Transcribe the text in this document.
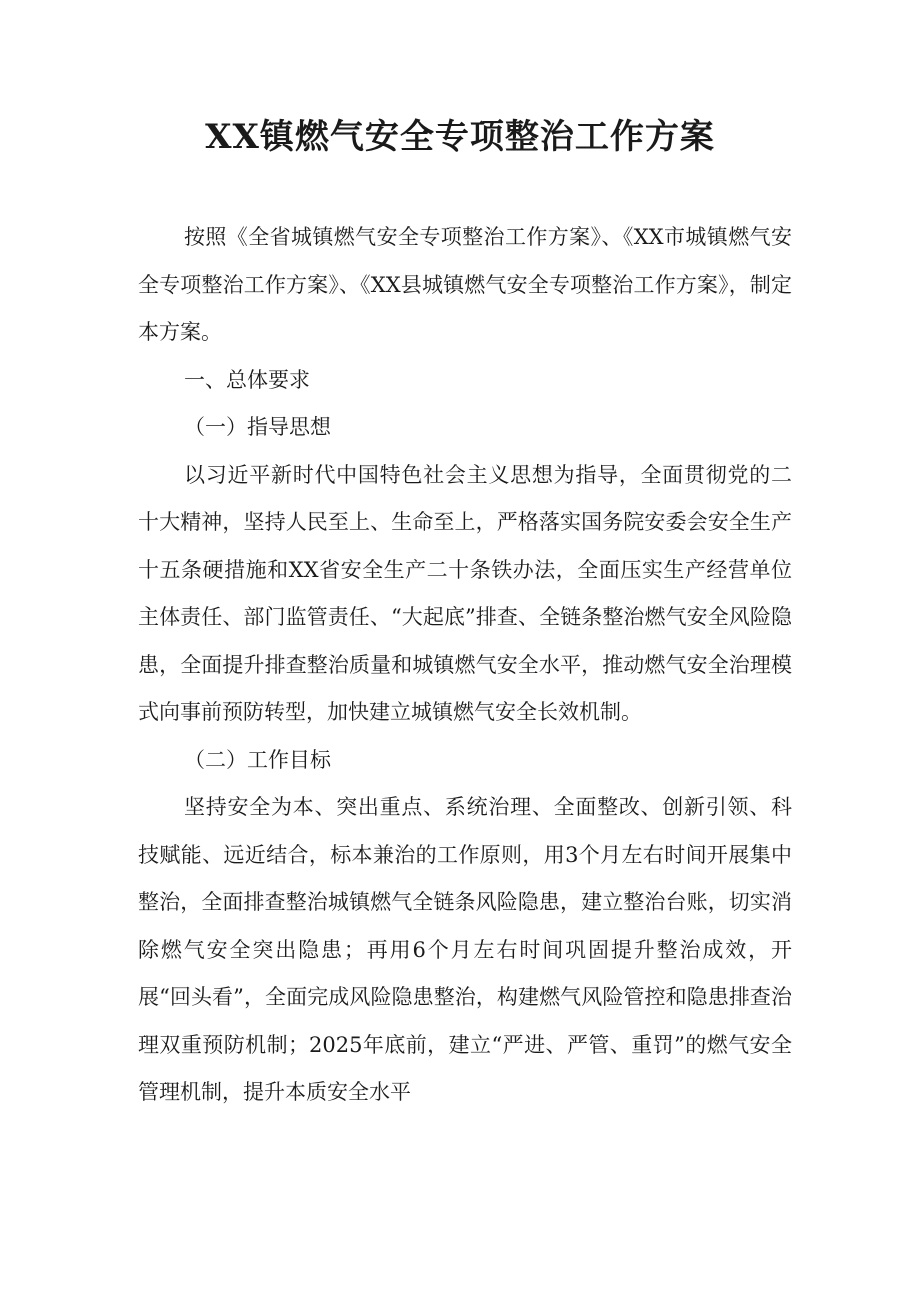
XX镇燃气安全专项整治工作方案

按照《全省城镇燃气安全专项整治工作方案》、《XX市城镇燃气安全专项整治工作方案》、《XX县城镇燃气安全专项整治工作方案》，制定本方案。

一、总体要求

（一）指导思想

以习近平新时代中国特色社会主义思想为指导，全面贯彻党的二十大精神，坚持人民至上、生命至上，严格落实国务院安委会安全生产十五条硬措施和XX省安全生产二十条铁办法，全面压实生产经营单位主体责任、部门监管责任、“大起底”排查、全链条整治燃气安全风险隐患，全面提升排查整治质量和城镇燃气安全水平，推动燃气安全治理模式向事前预防转型，加快建立城镇燃气安全长效机制。

（二）工作目标

坚持安全为本、突出重点、系统治理、全面整改、创新引领、科技赋能、远近结合，标本兼治的工作原则，用3个月左右时间开展集中整治，全面排查整治城镇燃气全链条风险隐患，建立整治台账，切实消除燃气安全突出隐患；再用6个月左右时间巩固提升整治成效，开展“回头看”，全面完成风险隐患整治，构建燃气风险管控和隐患排查治理双重预防机制；2025年底前，建立“严进、严管、重罚”的燃气安全管理机制，提升本质安全水平
